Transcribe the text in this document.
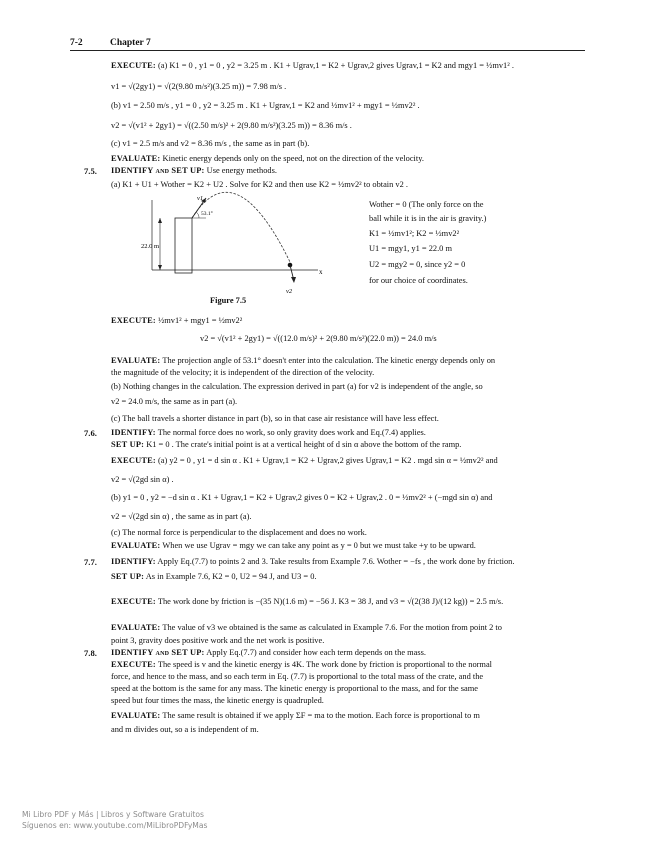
7-2	Chapter 7
7.5.
7.6.
7.7.
7.8.
EXECUTE: (a) K1 = 0 , y1 = 0 , y2 = 3.25 m . K1 + Ugrav,1 = K2 + Ugrav,2 gives Ugrav,1 = K2 and mgy1 = ½mv1² .
v1 = √(2gy1) = √(2(9.80 m/s²)(3.25 m)) = 7.98 m/s .
(b) v1 = 2.50 m/s , y1 = 0 , y2 = 3.25 m . K1 + Ugrav,1 = K2 and ½mv1² + mgy1 = ½mv2² .
v2 = √(v1² + 2gy1) = √((2.50 m/s)² + 2(9.80 m/s²)(3.25 m)) = 8.36 m/s .
(c) v1 = 2.5 m/s and v2 = 8.36 m/s , the same as in part (b).
EVALUATE: Kinetic energy depends only on the speed, not on the direction of the velocity.
IDENTIFY and SET UP: Use energy methods.
(a) K1 + U1 + Wother = K2 + U2 . Solve for K2 and then use K2 = ½mv2² to obtain v2 .
x
22.0 m
v1
53.1°
v2
Wother = 0 (The only force on the
ball while it is in the air is gravity.)
K1 = ½mv1²; K2 = ½mv2²
U1 = mgy1, y1 = 22.0 m
U2 = mgy2 = 0, since y2 = 0
for our choice of coordinates.
Figure 7.5
EXECUTE: ½mv1² + mgy1 = ½mv2²
v2 = √(v1² + 2gy1) = √((12.0 m/s)² + 2(9.80 m/s²)(22.0 m)) = 24.0 m/s
EVALUATE: The projection angle of 53.1° doesn't enter into the calculation. The kinetic energy depends only on
the magnitude of the velocity; it is independent of the direction of the velocity.
(b) Nothing changes in the calculation. The expression derived in part (a) for v2 is independent of the angle, so
v2 = 24.0 m/s, the same as in part (a).
(c) The ball travels a shorter distance in part (b), so in that case air resistance will have less effect.
IDENTIFY: The normal force does no work, so only gravity does work and Eq.(7.4) applies.
SET UP: K1 = 0 . The crate's initial point is at a vertical height of d sin α above the bottom of the ramp.
EXECUTE: (a) y2 = 0 , y1 = d sin α . K1 + Ugrav,1 = K2 + Ugrav,2 gives Ugrav,1 = K2 . mgd sin α = ½mv2² and
v2 = √(2gd sin α) .
(b) y1 = 0 , y2 = −d sin α . K1 + Ugrav,1 = K2 + Ugrav,2 gives 0 = K2 + Ugrav,2 . 0 = ½mv2² + (−mgd sin α) and
v2 = √(2gd sin α) , the same as in part (a).
(c) The normal force is perpendicular to the displacement and does no work.
EVALUATE: When we use Ugrav = mgy we can take any point as y = 0 but we must take +y to be upward.
IDENTIFY: Apply Eq.(7.7) to points 2 and 3. Take results from Example 7.6. Wother = −fs , the work done by friction.
SET UP: As in Example 7.6, K2 = 0, U2 = 94 J, and U3 = 0.
EXECUTE: The work done by friction is −(35 N)(1.6 m) = −56 J. K3 = 38 J, and v3 = √(2(38 J)/(12 kg)) = 2.5 m/s.
EVALUATE: The value of v3 we obtained is the same as calculated in Example 7.6. For the motion from point 2 to
point 3, gravity does positive work and the net work is positive.
IDENTIFY and SET UP: Apply Eq.(7.7) and consider how each term depends on the mass.
EXECUTE: The speed is v and the kinetic energy is 4K. The work done by friction is proportional to the normal
force, and hence to the mass, and so each term in Eq. (7.7) is proportional to the total mass of the crate, and the
speed at the bottom is the same for any mass. The kinetic energy is proportional to the mass, and for the same
speed but four times the mass, the kinetic energy is quadrupled.
EVALUATE: The same result is obtained if we apply ΣF = ma to the motion. Each force is proportional to m
and m divides out, so a is independent of m.
Mi Libro PDF y Más | Libros y Software Gratuitos
Síguenos en: www.youtube.com/MiLibroPDFyMas
